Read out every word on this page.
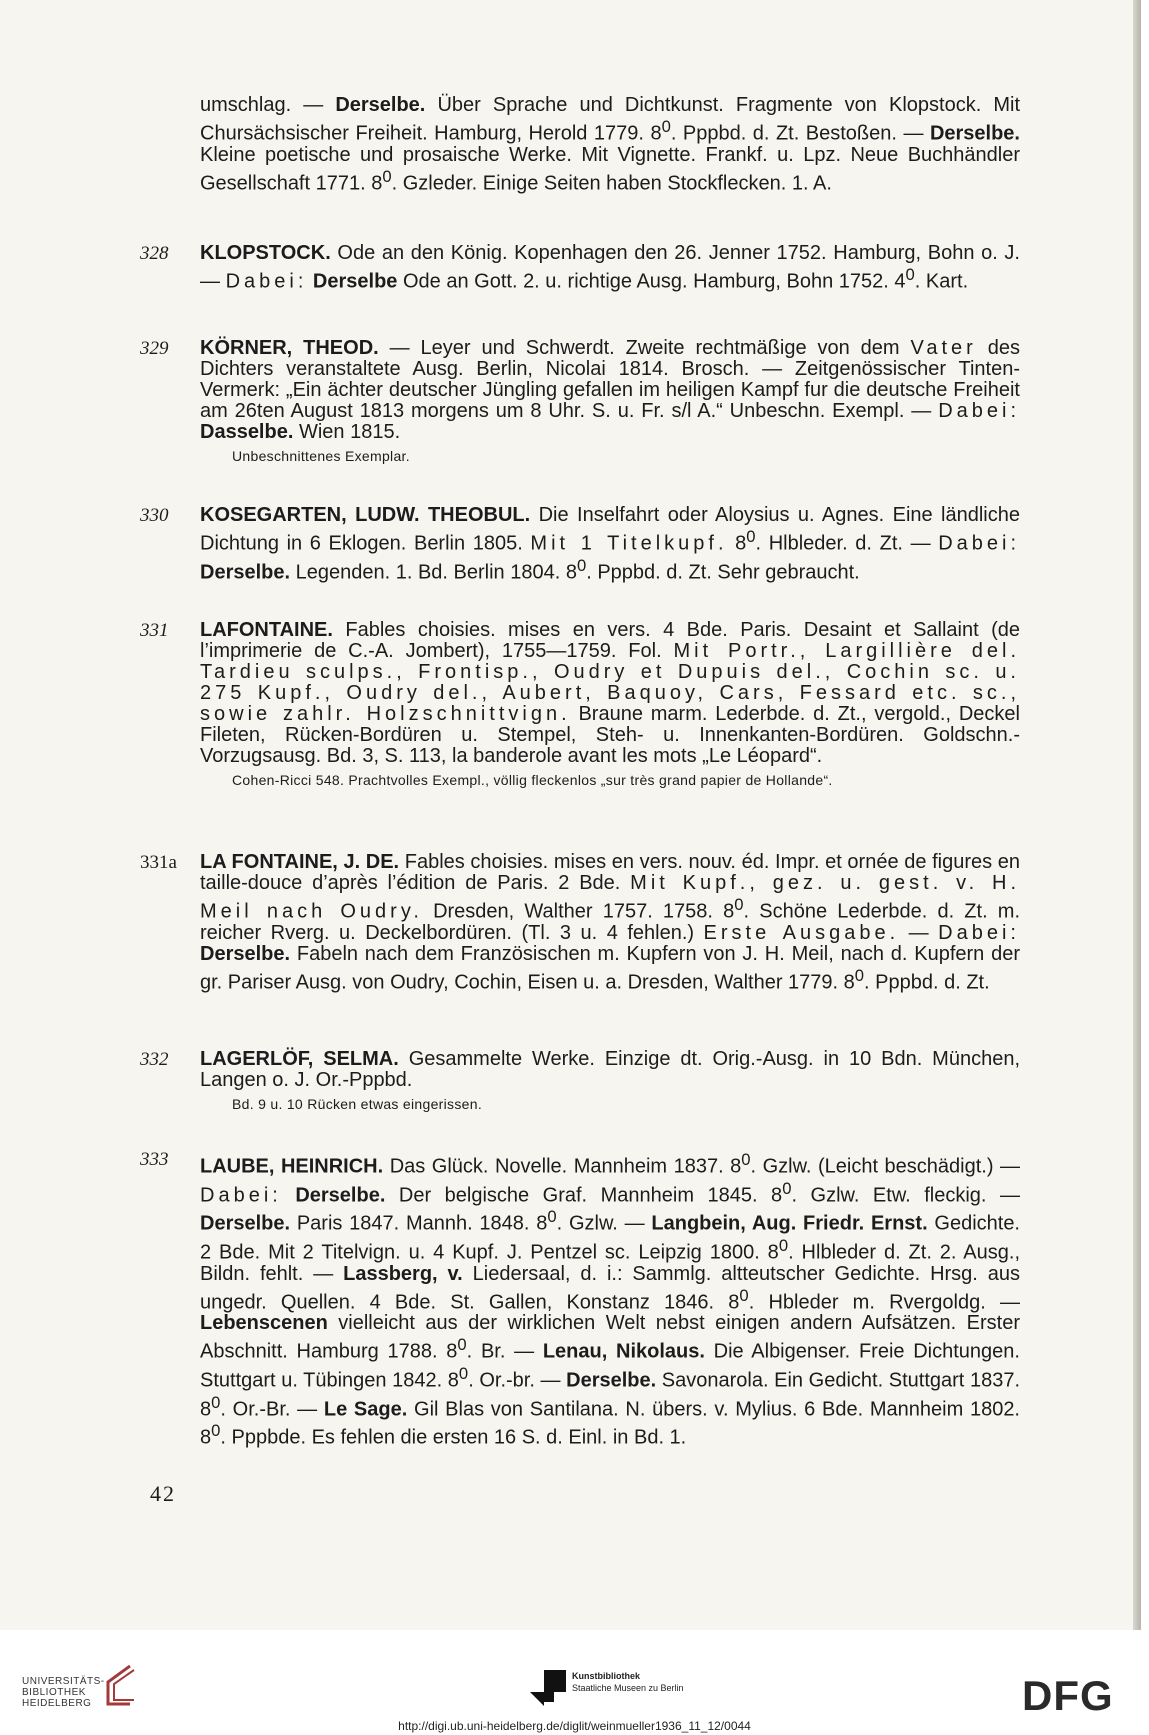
umschlag. — Derselbe. Über Sprache und Dichtkunst. Fragmente von Klopstock. Mit Chursächsischer Freiheit. Hamburg, Herold 1779. $8^0$. Pppbd. d. Zt. Bestoßen. — Derselbe. Kleine poetische und prosaische Werke. Mit Vignette. Frankf. u. Lpz. Neue Buchhändler Gesellschaft 1771. $8^0$. Gzleder. Einige Seiten haben Stockflecken. 1. A.
328	KLOPSTOCK. Ode an den König. Kopenhagen den 26. Jenner 1752. Hamburg, Bohn o. J. — Dabei: Derselbe Ode an Gott. 2. u. richtige Ausg. Hamburg, Bohn 1752. $4^0$. Kart.
329	KÖRNER, THEOD. — Leyer und Schwerdt. Zweite rechtmäßige von dem Vater des Dichters veranstaltete Ausg. Berlin, Nicolai 1814. Brosch. — Zeitgenössischer Tinten-Vermerk: „Ein ächter deutscher Jüngling gefallen im heiligen Kampf fur die deutsche Freiheit am 26ten August 1813 morgens um 8 Uhr. S. u. Fr. s/l A.“ Unbeschn. Exempl. — Dabei: Dasselbe. Wien 1815.
Unbeschnittenes Exemplar.
330	KOSEGARTEN, LUDW. THEOBUL. Die Inselfahrt oder Aloysius u. Agnes. Eine ländliche Dichtung in 6 Eklogen. Berlin 1805. Mit 1 Titelkupf. $8^0$. Hlbleder. d. Zt. — Dabei: Derselbe. Legenden. 1. Bd. Berlin 1804. $8^0$. Pppbd. d. Zt. Sehr gebraucht.
331	LAFONTAINE. Fables choisies. mises en vers. 4 Bde. Paris. Desaint et Sallaint (de l’imprimerie de C.-A. Jombert), 1755—1759. Fol. Mit Portr., Largillière del. Tardieu sculps., Frontisp., Oudry et Dupuis del., Cochin sc. u. 275 Kupf., Oudry del., Aubert, Baquoy, Cars, Fessard etc. sc., sowie zahlr. Holzschnittvign. Braune marm. Lederbde. d. Zt., vergold., Deckel Fileten, Rücken-Bordüren u. Stempel, Steh- u. Innenkanten-Bordüren. Goldschn.-Vorzugsausg. Bd. 3, S. 113, la banderole avant les mots „Le Léopard“.
Cohen-Ricci 548. Prachtvolles Exempl., völlig fleckenlos „sur très grand papier de Hollande“.
331a	LA FONTAINE, J. DE. Fables choisies. mises en vers. nouv. éd. Impr. et ornée de figures en taille-douce d’après l’édition de Paris. 2 Bde. Mit Kupf., gez. u. gest. v. H. Meil nach Oudry. Dresden, Walther 1757. 1758. $8^0$. Schöne Lederbde. d. Zt. m. reicher Rverg. u. Deckelbordüren. (Tl. 3 u. 4 fehlen.) Erste Ausgabe. — Dabei: Derselbe. Fabeln nach dem Französischen m. Kupfern von J. H. Meil, nach d. Kupfern der gr. Pariser Ausg. von Oudry, Cochin, Eisen u. a. Dresden, Walther 1779. $8^0$. Pppbd. d. Zt.
332	LAGERLÖF, SELMA. Gesammelte Werke. Einzige dt. Orig.-Ausg. in 10 Bdn. München, Langen o. J. Or.-Pppbd.
Bd. 9 u. 10 Rücken etwas eingerissen.
333	LAUBE, HEINRICH. Das Glück. Novelle. Mannheim 1837. $8^0$. Gzlw. (Leicht beschädigt.) — Dabei: Derselbe. Der belgische Graf. Mannheim 1845. $8^0$. Gzlw. Etw. fleckig. — Derselbe. Paris 1847. Mannh. 1848. $8^0$. Gzlw. — Langbein, Aug. Friedr. Ernst. Gedichte. 2 Bde. Mit 2 Titelvign. u. 4 Kupf. J. Pentzel sc. Leipzig 1800. $8^0$. Hlbleder d. Zt. 2. Ausg., Bildn. fehlt. — Lassberg, v. Liedersaal, d. i.: Sammlg. altteutscher Gedichte. Hrsg. aus ungedr. Quellen. 4 Bde. St. Gallen, Konstanz 1846. $8^0$. Hbleder m. Rvergoldg. — Lebenscenen vielleicht aus der wirklichen Welt nebst einigen andern Aufsätzen. Erster Abschnitt. Hamburg 1788. $8^0$. Br. — Lenau, Nikolaus. Die Albigenser. Freie Dichtungen. Stuttgart u. Tübingen 1842. $8^0$. Or.-br. — Derselbe. Savonarola. Ein Gedicht. Stuttgart 1837. $8^0$. Or.-Br. — Le Sage. Gil Blas von Santilana. N. übers. v. Mylius. 6 Bde. Mannheim 1802. $8^0$. Pppbde. Es fehlen die ersten 16 S. d. Einl. in Bd. 1.
42
UNIVERSITÄTS-
BIBLIOTHEK
HEIDELBERG
Kunstbibliothek
Staatliche Museen zu Berlin	DFG
http://digi.ub.uni-heidelberg.de/diglit/weinmueller1936_11_12/0044
